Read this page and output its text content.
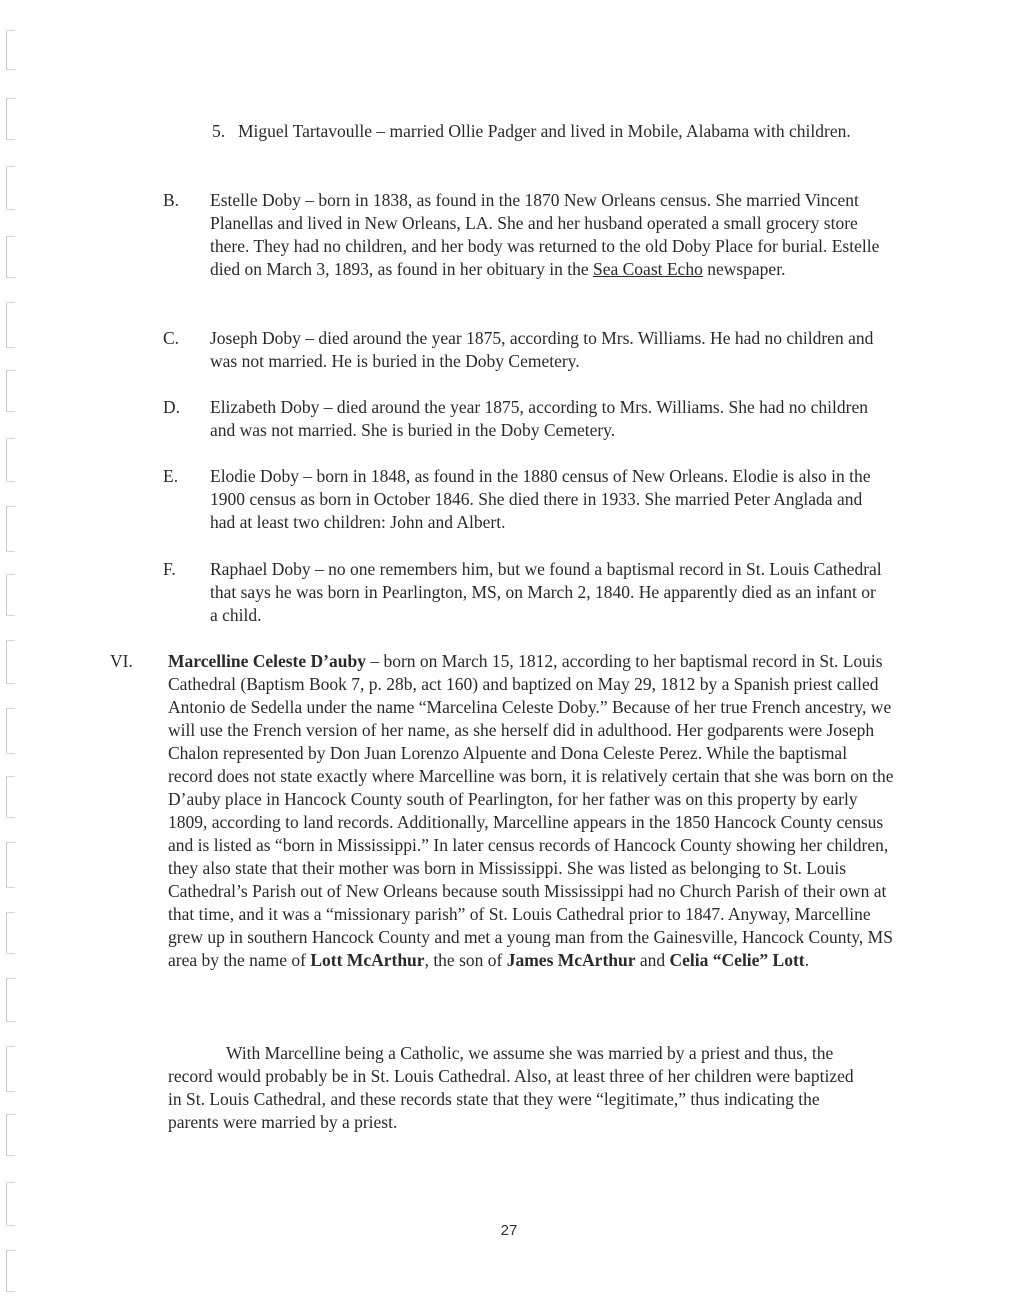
5. Miguel Tartavoulle – married Ollie Padger and lived in Mobile, Alabama with children.

B. Estelle Doby – born in 1838, as found in the 1870 New Orleans census. She married Vincent Planellas and lived in New Orleans, LA. She and her husband operated a small grocery store there. They had no children, and her body was returned to the old Doby Place for burial. Estelle died on March 3, 1893, as found in her obituary in the Sea Coast Echo newspaper.

C. Joseph Doby – died around the year 1875, according to Mrs. Williams. He had no children and was not married. He is buried in the Doby Cemetery.

D. Elizabeth Doby – died around the year 1875, according to Mrs. Williams. She had no children and was not married. She is buried in the Doby Cemetery.

E. Elodie Doby – born in 1848, as found in the 1880 census of New Orleans. Elodie is also in the 1900 census as born in October 1846. She died there in 1933. She married Peter Anglada and had at least two children: John and Albert.

F. Raphael Doby – no one remembers him, but we found a baptismal record in St. Louis Cathedral that says he was born in Pearlington, MS, on March 2, 1840. He apparently died as an infant or a child.

VI. Marcelline Celeste D’auby – born on March 15, 1812, according to her baptismal record in St. Louis Cathedral (Baptism Book 7, p. 28b, act 160) and baptized on May 29, 1812 by a Spanish priest called Antonio de Sedella under the name “Marcelina Celeste Doby.” Because of her true French ancestry, we will use the French version of her name, as she herself did in adulthood. Her godparents were Joseph Chalon represented by Don Juan Lorenzo Alpuente and Dona Celeste Perez. While the baptismal record does not state exactly where Marcelline was born, it is relatively certain that she was born on the D’auby place in Hancock County south of Pearlington, for her father was on this property by early 1809, according to land records. Additionally, Marcelline appears in the 1850 Hancock County census and is listed as “born in Mississippi.” In later census records of Hancock County showing her children, they also state that their mother was born in Mississippi. She was listed as belonging to St. Louis Cathedral’s Parish out of New Orleans because south Mississippi had no Church Parish of their own at that time, and it was a “missionary parish” of St. Louis Cathedral prior to 1847. Anyway, Marcelline grew up in southern Hancock County and met a young man from the Gainesville, Hancock County, MS area by the name of Lott McArthur, the son of James McArthur and Celia “Celie” Lott.

With Marcelline being a Catholic, we assume she was married by a priest and thus, the record would probably be in St. Louis Cathedral. Also, at least three of her children were baptized in St. Louis Cathedral, and these records state that they were “legitimate,” thus indicating the parents were married by a priest.

27
